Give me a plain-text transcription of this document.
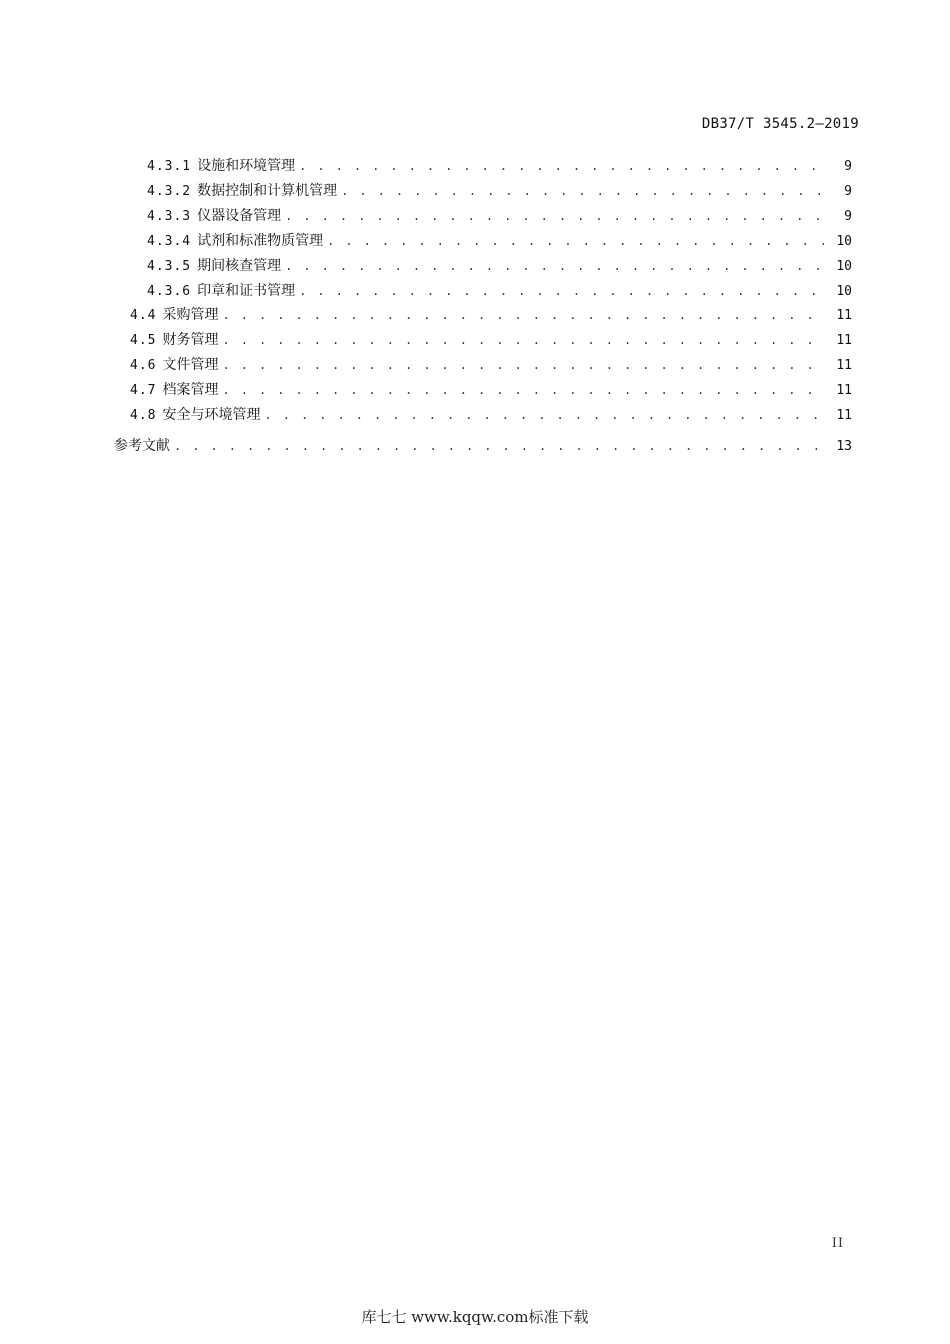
DB37/T 3545.2—2019
4.3.1 设施和环境管理 . . .	9
4.3.2 数据控制和计算机管理 . . .	9
4.3.3 仪器设备管理 . . .	9
4.3.4 试剂和标准物质管理 . . .	10
4.3.5 期间核查管理 . . .	10
4.3.6 印章和证书管理 . . .	10
4.4 采购管理 . . .	11
4.5 财务管理 . . .	11
4.6 文件管理 . . .	11
4.7 档案管理 . . .	11
4.8 安全与环境管理 . . .	11
参考文献 . . .	13
II
库七七 www.kqqw.com标准下载
